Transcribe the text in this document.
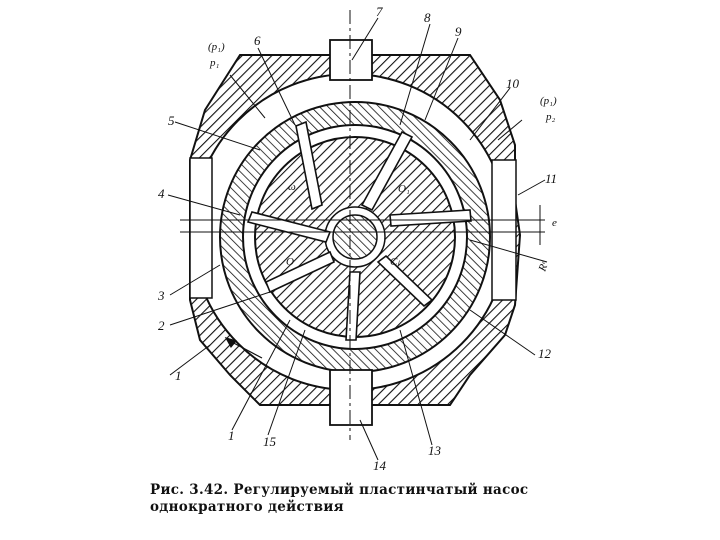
7	8
9
10
11
12
13
14
15
1
2
3
4
5
6
1
(p₁)
p₁
(p₁)
p₂
ω	O₁
O
e
Rᵉ
Cₗ

Рис. 3.42. Регулируемый пластинчатый насос
однократного действия
